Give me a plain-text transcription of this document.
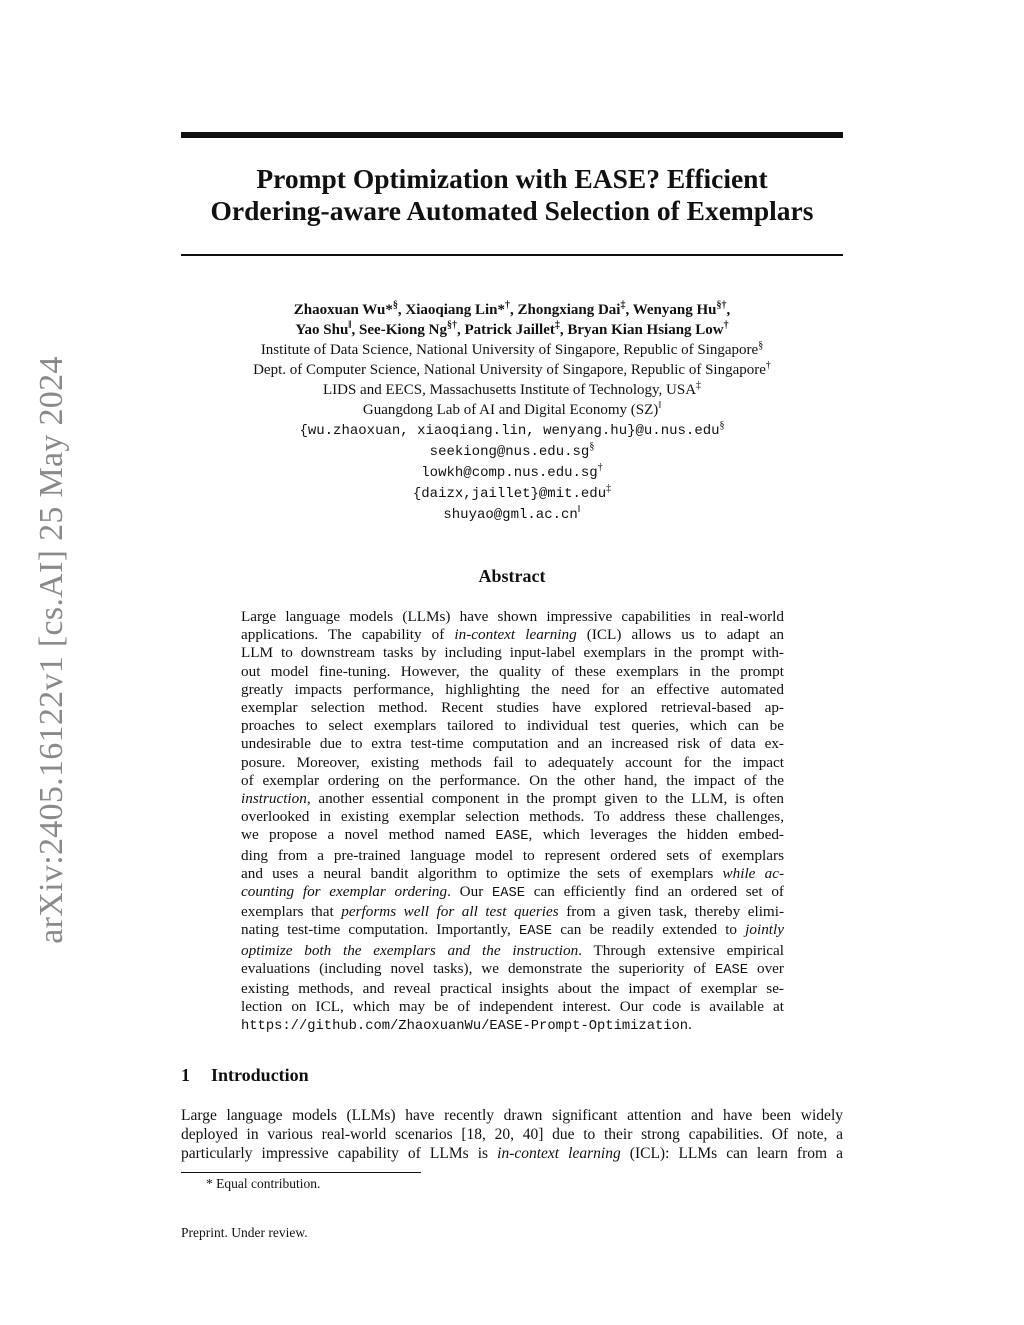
arXiv:2405.16122v1 [cs.AI] 25 May 2024
Prompt Optimization with EASE? Efficient
Ordering-aware Automated Selection of Exemplars
Zhaoxuan Wu*§, Xiaoqiang Lin*†, Zhongxiang Dai‡, Wenyang Hu§†,
Yao Shu‖, See-Kiong Ng§†, Patrick Jaillet‡, Bryan Kian Hsiang Low†
Institute of Data Science, National University of Singapore, Republic of Singapore§
Dept. of Computer Science, National University of Singapore, Republic of Singapore†
LIDS and EECS, Massachusetts Institute of Technology, USA‡
Guangdong Lab of AI and Digital Economy (SZ)‖
{wu.zhaoxuan, xiaoqiang.lin, wenyang.hu}@u.nus.edu§
seekiong@nus.edu.sg§
lowkh@comp.nus.edu.sg†
{daizx,jaillet}@mit.edu‡
shuyao@gml.ac.cn‖
Abstract
Large language models (LLMs) have shown impressive capabilities in real-world
applications. The capability of in-context learning (ICL) allows us to adapt an
LLM to downstream tasks by including input-label exemplars in the prompt with-
out model fine-tuning. However, the quality of these exemplars in the prompt
greatly impacts performance, highlighting the need for an effective automated
exemplar selection method. Recent studies have explored retrieval-based ap-
proaches to select exemplars tailored to individual test queries, which can be
undesirable due to extra test-time computation and an increased risk of data ex-
posure. Moreover, existing methods fail to adequately account for the impact
of exemplar ordering on the performance. On the other hand, the impact of the
instruction, another essential component in the prompt given to the LLM, is often
overlooked in existing exemplar selection methods. To address these challenges,
we propose a novel method named EASE, which leverages the hidden embed-
ding from a pre-trained language model to represent ordered sets of exemplars
and uses a neural bandit algorithm to optimize the sets of exemplars while ac-
counting for exemplar ordering. Our EASE can efficiently find an ordered set of
exemplars that performs well for all test queries from a given task, thereby elimi-
nating test-time computation. Importantly, EASE can be readily extended to jointly
optimize both the exemplars and the instruction. Through extensive empirical
evaluations (including novel tasks), we demonstrate the superiority of EASE over
existing methods, and reveal practical insights about the impact of exemplar se-
lection on ICL, which may be of independent interest. Our code is available at
https://github.com/ZhaoxuanWu/EASE-Prompt-Optimization.
1 Introduction
Large language models (LLMs) have recently drawn significant attention and have been widely
deployed in various real-world scenarios [18, 20, 40] due to their strong capabilities. Of note, a
particularly impressive capability of LLMs is in-context learning (ICL): LLMs can learn from a
* Equal contribution.
Preprint. Under review.
